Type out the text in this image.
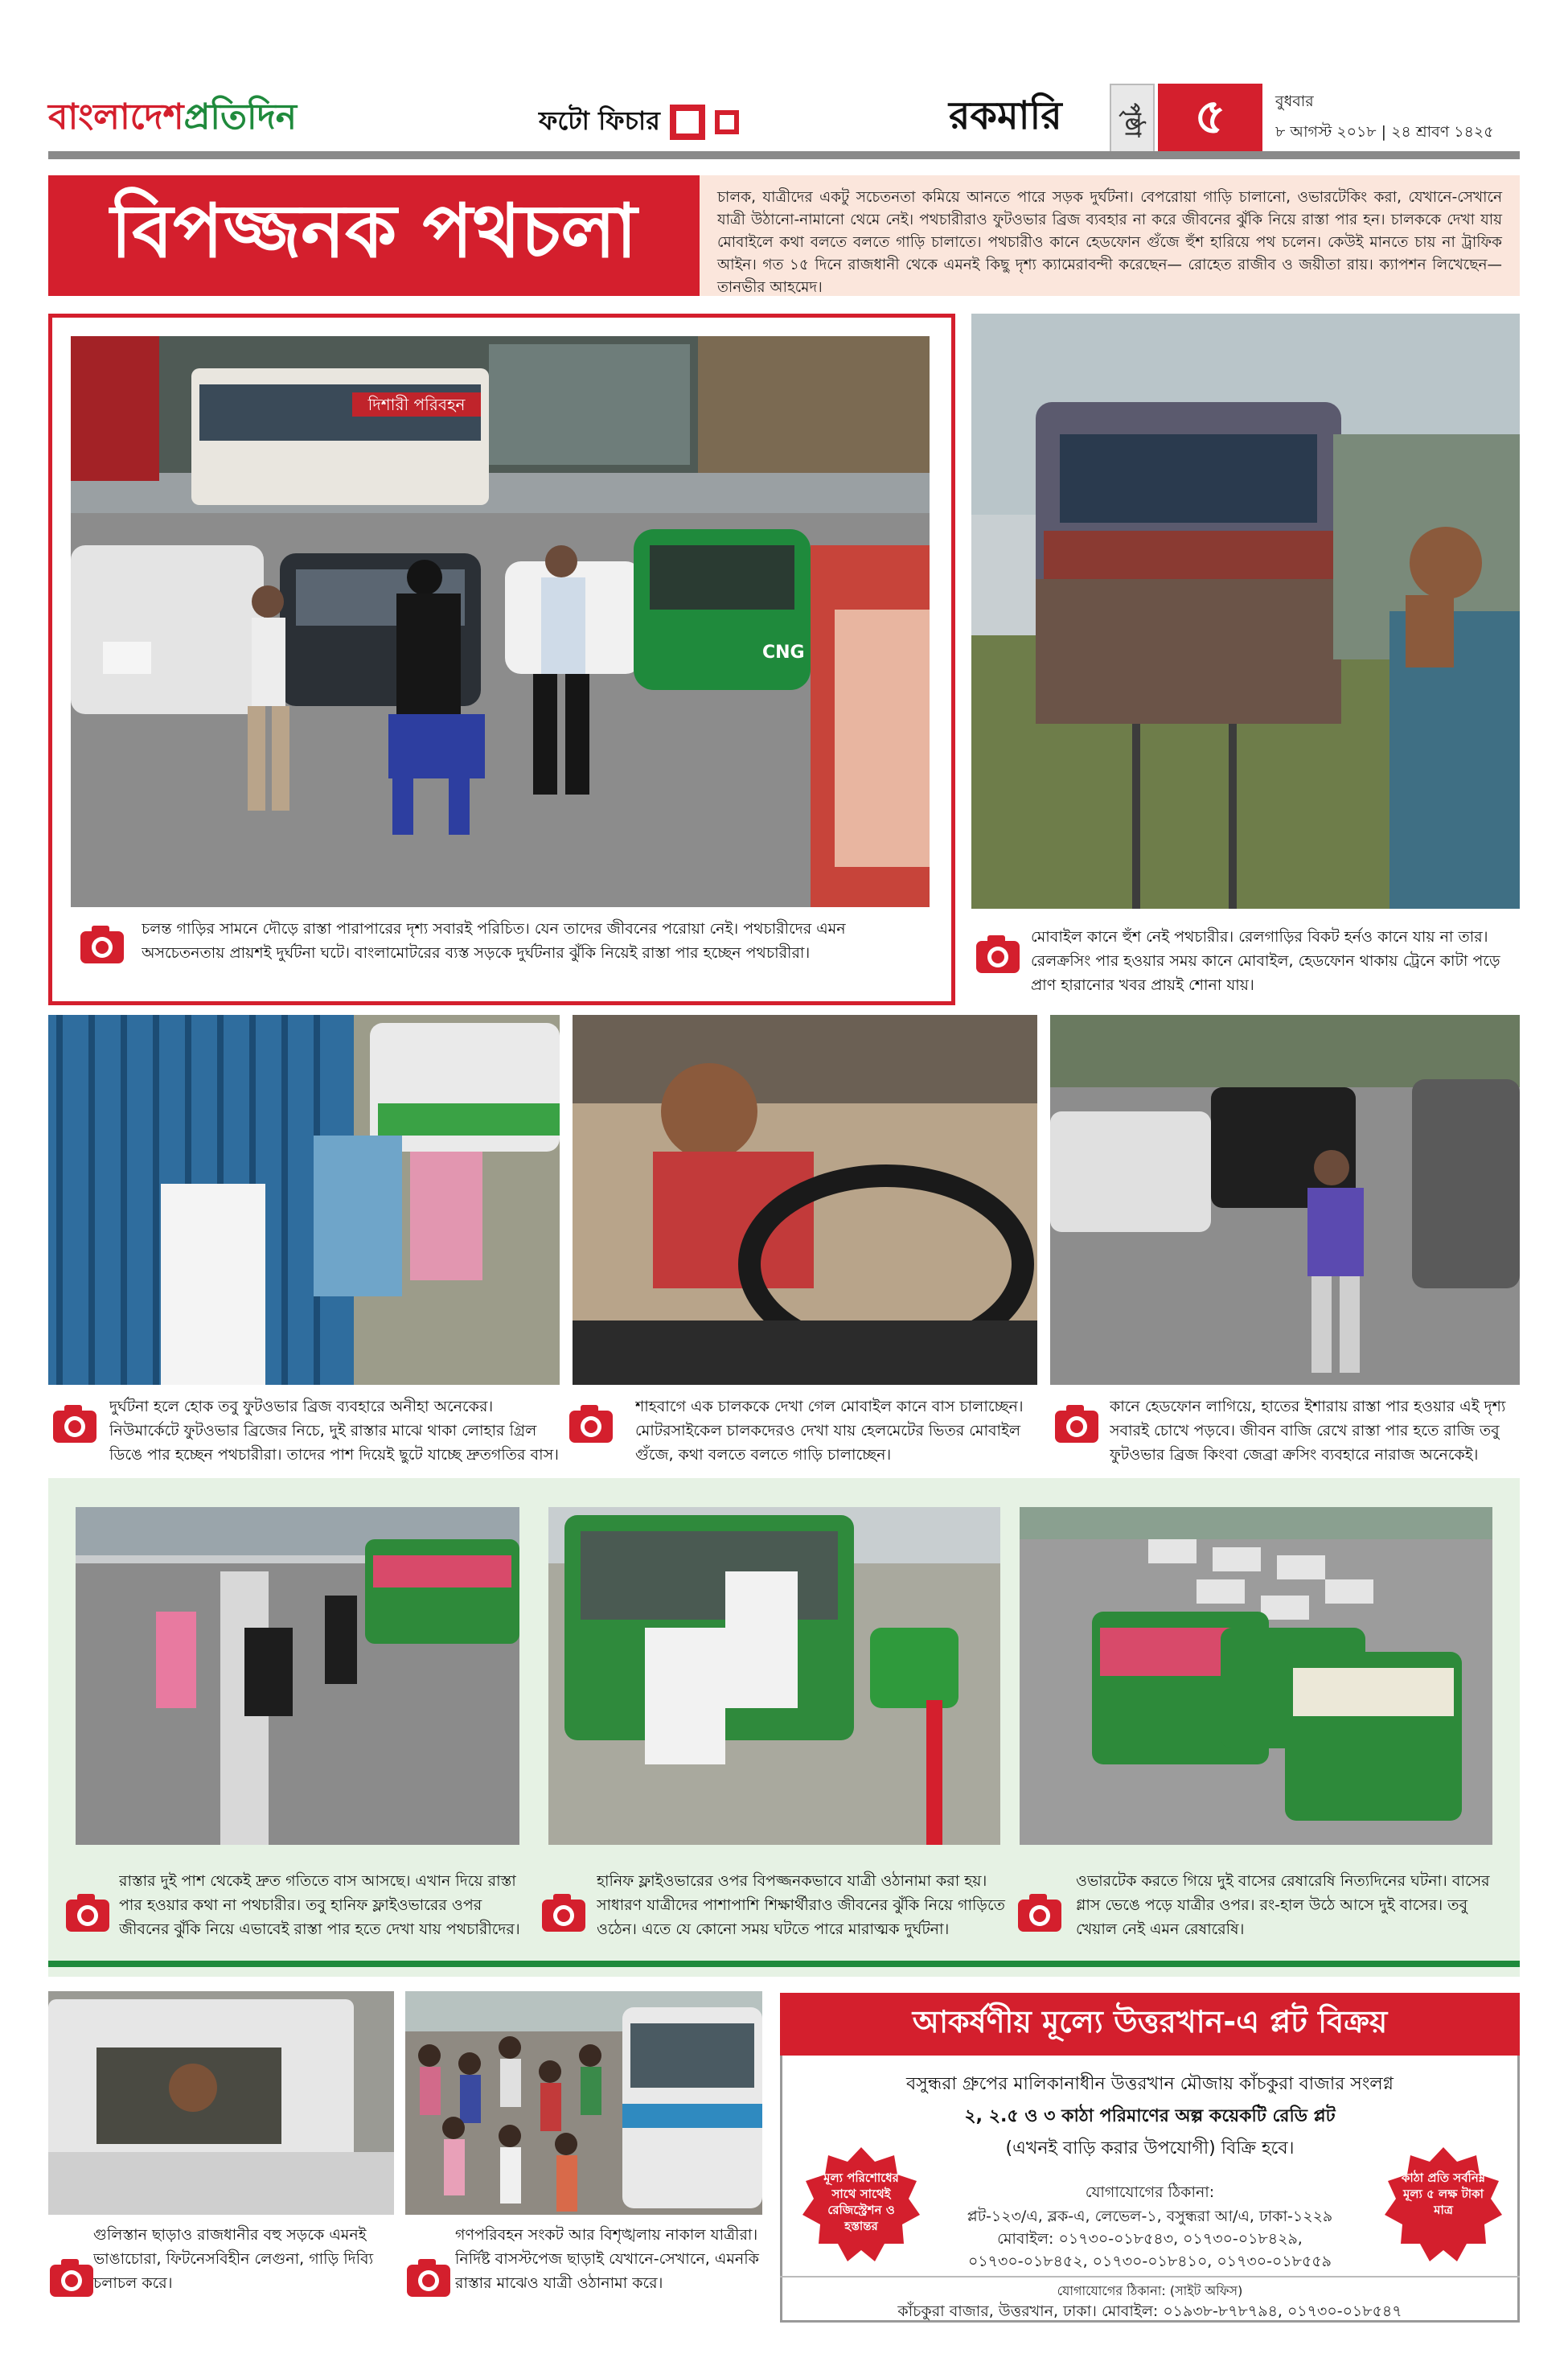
বাংলাদেশপ্রতিদিন	ফটো ফিচার	রকমারি	পৃষ্ঠা	৫	বুধবার
৮ আগস্ট ২০১৮ | ২৪ শ্রাবণ ১৪২৫
বিপজ্জনক পথচলা	চালক, যাত্রীদের একটু সচেতনতা কমিয়ে আনতে পারে সড়ক দুর্ঘটনা। বেপরোয়া গাড়ি চালানো, ওভারটেকিং করা, যেখানে-সেখানে যাত্রী উঠানো-নামানো থেমে নেই। পথচারীরাও ফুটওভার ব্রিজ ব্যবহার না করে জীবনের ঝুঁকি নিয়ে রাস্তা পার হন। চালককে দেখা যায় মোবাইলে কথা বলতে বলতে গাড়ি চালাতে। পথচারীও কানে হেডফোন গুঁজে হুঁশ হারিয়ে পথ চলেন। কেউই মানতে চায় না ট্রাফিক আইন। গত ১৫ দিনে রাজধানী থেকে এমনই কিছু দৃশ্য ক্যামেরাবন্দী করেছেন— রোহেত রাজীব ও জয়ীতা রায়। ক্যাপশন লিখেছেন—তানভীর আহমেদ।
দিশারী পরিবহন
CNG
চলন্ত গাড়ির সামনে দৌড়ে রাস্তা পারাপারের দৃশ্য সবারই পরিচিত। যেন তাদের জীবনের পরোয়া নেই। পথচারীদের এমন অসচেতনতায় প্রায়শই দুর্ঘটনা ঘটে। বাংলামোটরের ব্যস্ত সড়কে দুর্ঘটনার ঝুঁকি নিয়েই রাস্তা পার হচ্ছেন পথচারীরা।
মোবাইল কানে হুঁশ নেই পথচারীর। রেলগাড়ির বিকট হর্নও কানে যায় না তার। রেলক্রসিং পার হওয়ার সময় কানে মোবাইল, হেডফোন থাকায় ট্রেনে কাটা পড়ে প্রাণ হারানোর খবর প্রায়ই শোনা যায়।
দুর্ঘটনা হলে হোক তবু ফুটওভার ব্রিজ ব্যবহারে অনীহা অনেকের। নিউমার্কেটে ফুটওভার ব্রিজের নিচে, দুই রাস্তার মাঝে থাকা লোহার গ্রিল ডিঙে পার হচ্ছেন পথচারীরা। তাদের পাশ দিয়েই ছুটে যাচ্ছে দ্রুতগতির বাস।
শাহবাগে এক চালককে দেখা গেল মোবাইল কানে বাস চালাচ্ছেন। মোটরসাইকেল চালকদেরও দেখা যায় হেলমেটের ভিতর মোবাইল গুঁজে, কথা বলতে বলতে গাড়ি চালাচ্ছেন।
কানে হেডফোন লাগিয়ে, হাতের ইশারায় রাস্তা পার হওয়ার এই দৃশ্য সবারই চোখে পড়বে। জীবন বাজি রেখে রাস্তা পার হতে রাজি তবু ফুটওভার ব্রিজ কিংবা জেব্রা ক্রসিং ব্যবহারে নারাজ অনেকেই।
রাস্তার দুই পাশ থেকেই দ্রুত গতিতে বাস আসছে। এখান দিয়ে রাস্তা পার হওয়ার কথা না পথচারীর। তবু হানিফ ফ্লাইওভারের ওপর জীবনের ঝুঁকি নিয়ে এভাবেই রাস্তা পার হতে দেখা যায় পথচারীদের।
হানিফ ফ্লাইওভারের ওপর বিপজ্জনকভাবে যাত্রী ওঠানামা করা হয়। সাধারণ যাত্রীদের পাশাপাশি শিক্ষার্থীরাও জীবনের ঝুঁকি নিয়ে গাড়িতে ওঠেন। এতে যে কোনো সময় ঘটতে পারে মারাত্মক দুর্ঘটনা।
ওভারটেক করতে গিয়ে দুই বাসের রেষারেষি নিত্যদিনের ঘটনা। বাসের গ্লাস ভেঙে পড়ে যাত্রীর ওপর। রং-হাল উঠে আসে দুই বাসের। তবু খেয়াল নেই এমন রেষারেষি।
গুলিস্তান ছাড়াও রাজধানীর বহু সড়কে এমনই ভাঙাচোরা, ফিটনেসবিহীন লেগুনা, গাড়ি দিব্যি চলাচল করে।
গণপরিবহন সংকট আর বিশৃঙ্খলায় নাকাল যাত্রীরা। নির্দিষ্ট বাসস্টপেজ ছাড়াই যেখানে-সেখানে, এমনকি রাস্তার মাঝেও যাত্রী ওঠানামা করে।
আকর্ষণীয় মূল্যে উত্তরখান-এ প্লট বিক্রয়
বসুন্ধরা গ্রুপের মালিকানাধীন উত্তরখান মৌজায় কাঁচকুরা বাজার সংলগ্ন
২, ২.৫ ও ৩ কাঠা পরিমাণের অল্প কয়েকটি রেডি প্লট
(এখনই বাড়ি করার উপযোগী) বিক্রি হবে।
মূল্য পরিশোধের সাথে সাথেই রেজিস্ট্রেশন ও হস্তান্তর
কাঠা প্রতি সর্বনিম্ন মূল্য ৫ লক্ষ টাকা মাত্র
যোগাযোগের ঠিকানা:
প্লট-১২৩/এ, ব্লক-এ, লেভেল-১, বসুন্ধরা আ/এ, ঢাকা-১২২৯
মোবাইল: ০১৭৩০-০১৮৫৪৩, ০১৭৩০-০১৮৪২৯,
০১৭৩০-০১৮৪৫২, ০১৭৩০-০১৮৪১০, ০১৭৩০-০১৮৫৫৯
যোগাযোগের ঠিকানা: (সাইট অফিস)
কাঁচকুরা বাজার, উত্তরখান, ঢাকা। মোবাইল: ০১৯৩৮-৮৭৮৭৯৪, ০১৭৩০-০১৮৫৪৭
